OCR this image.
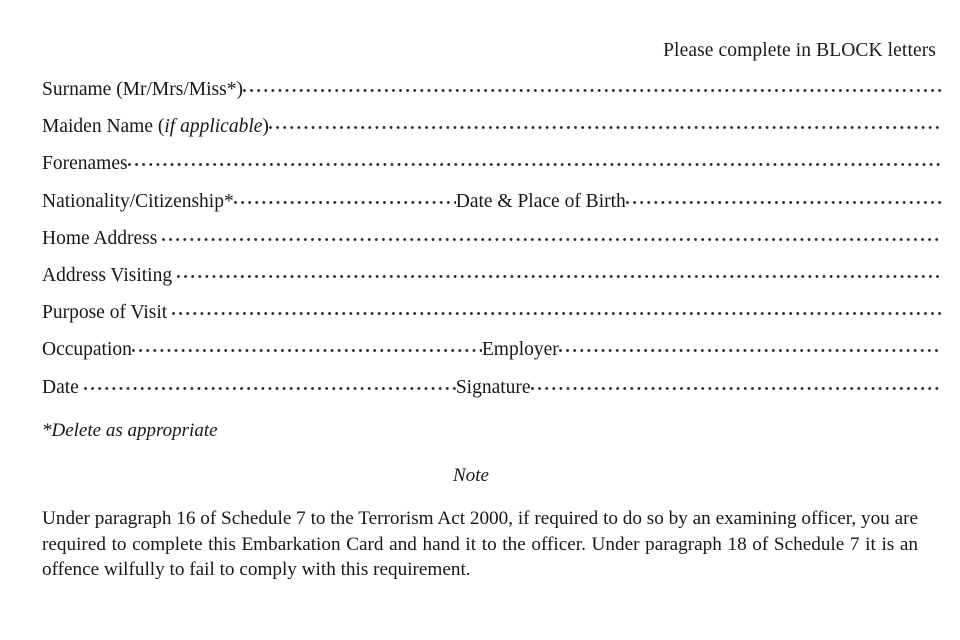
Please complete in BLOCK letters
Surname (Mr/Mrs/Miss*)
Maiden Name (if applicable)
Forenames
Nationality/Citizenship*	Date & Place of Birth
Home Address
Address Visiting
Purpose of Visit
Occupation	Employer
Date	Signature
*Delete as appropriate
Note

Under paragraph 16 of Schedule 7 to the Terrorism Act 2000, if required to do so by an examining officer, you are required to complete this Embarkation Card and hand it to the officer. Under paragraph 18 of Schedule 7 it is an offence wilfully to fail to comply with this requirement.
